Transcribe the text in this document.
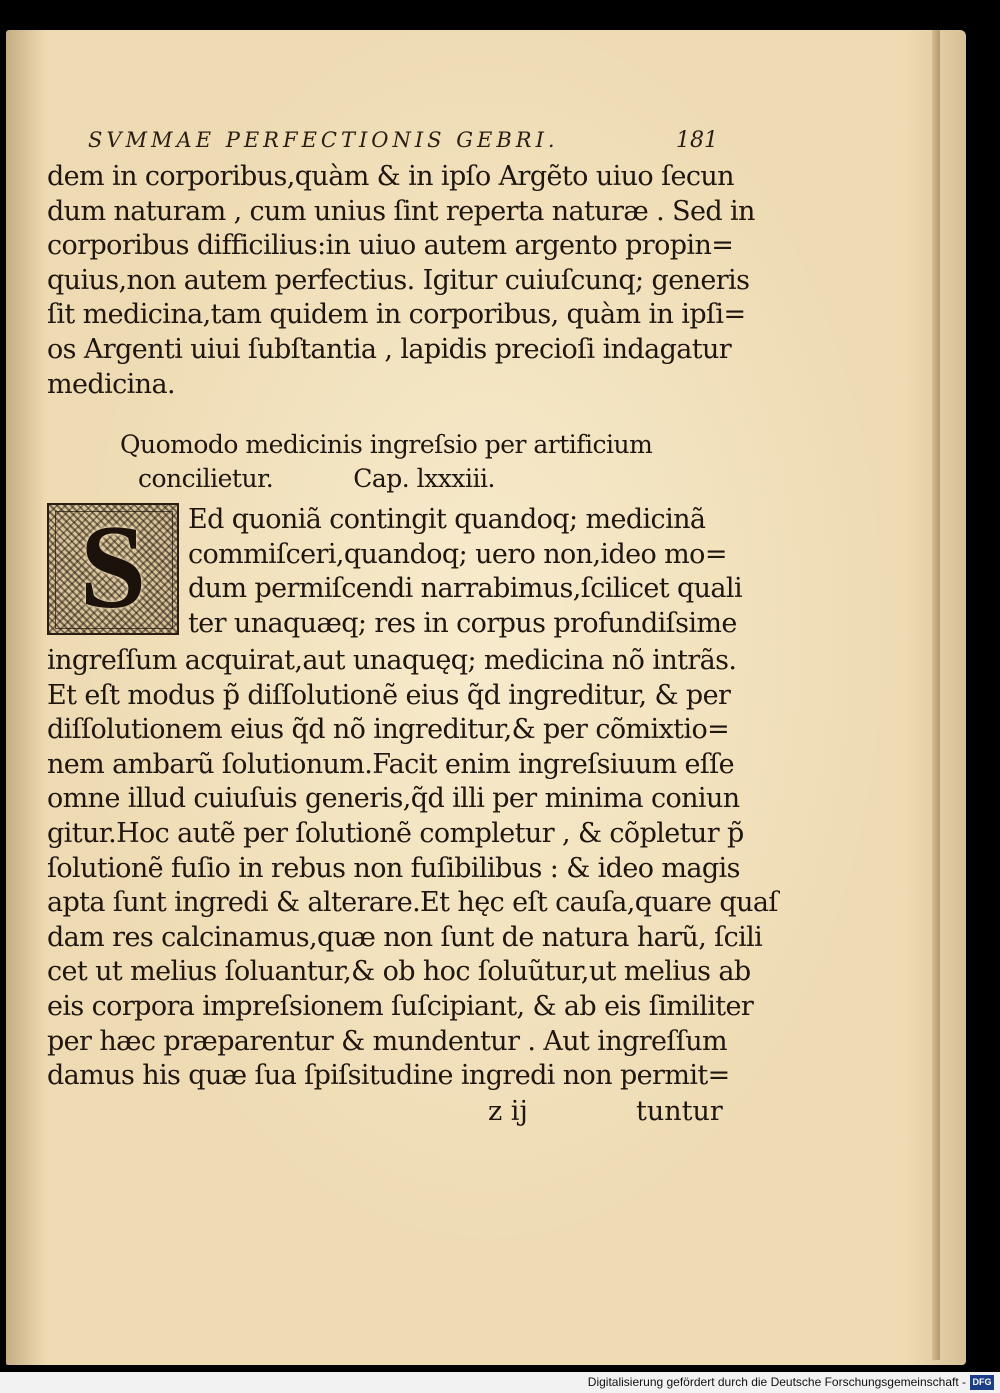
SVMMAE PERFECTIONIS GEBRI.	181
dem in corporibus,quàm & in ipſo Argẽto uiuo ſecun
dum naturam , cum unius ſint reperta naturæ . Sed in
corporibus difficilius:in uiuo autem argento propin=
quius,non autem perfectius. Igitur cuiuſcunq; generis
ſit medicina,tam quidem in corporibus, quàm in ipſi=
os Argenti uiui ſubſtantia , lapidis precioſi indagatur
medicina.
Quomodo medicinis ingreſsio per artificium
concilietur.	Cap. lxxxiii.
S	Ed quoniã contingit quandoq; medicinã
commiſceri,quandoq; uero non,ideo mo=
dum permiſcendi narrabimus,ſcilicet quali
ter unaquæq; res in corpus profundiſsime
ingreſſum acquirat,aut unaquęq; medicina nõ intrãs.
Et eſt modus p̃ diſſolutionẽ eius q̃d ingreditur, & per
diſſolutionem eius q̃d nõ ingreditur,& per cõmixtio=
nem ambarũ ſolutionum.Facit enim ingreſsiuum eſſe
omne illud cuiuſuis generis,q̃d illi per minima coniun
gitur.Hoc autẽ per ſolutionẽ completur , & cõpletur p̃
ſolutionẽ fuſio in rebus non fuſibilibus : & ideo magis
apta ſunt ingredi & alterare.Et hęc eſt cauſa,quare quaſ
dam res calcinamus,quæ non ſunt de natura harũ, ſcili
cet ut melius ſoluantur,& ob hoc ſoluũtur,ut melius ab
eis corpora impreſsionem ſuſcipiant, & ab eis ſimiliter
per hæc præparentur & mundentur . Aut ingreſſum
damus his quæ ſua ſpiſsitudine ingredi non permit=
z ij	tuntur
Digitalisierung gefördert durch die Deutsche Forschungsgemeinschaft - DFG
